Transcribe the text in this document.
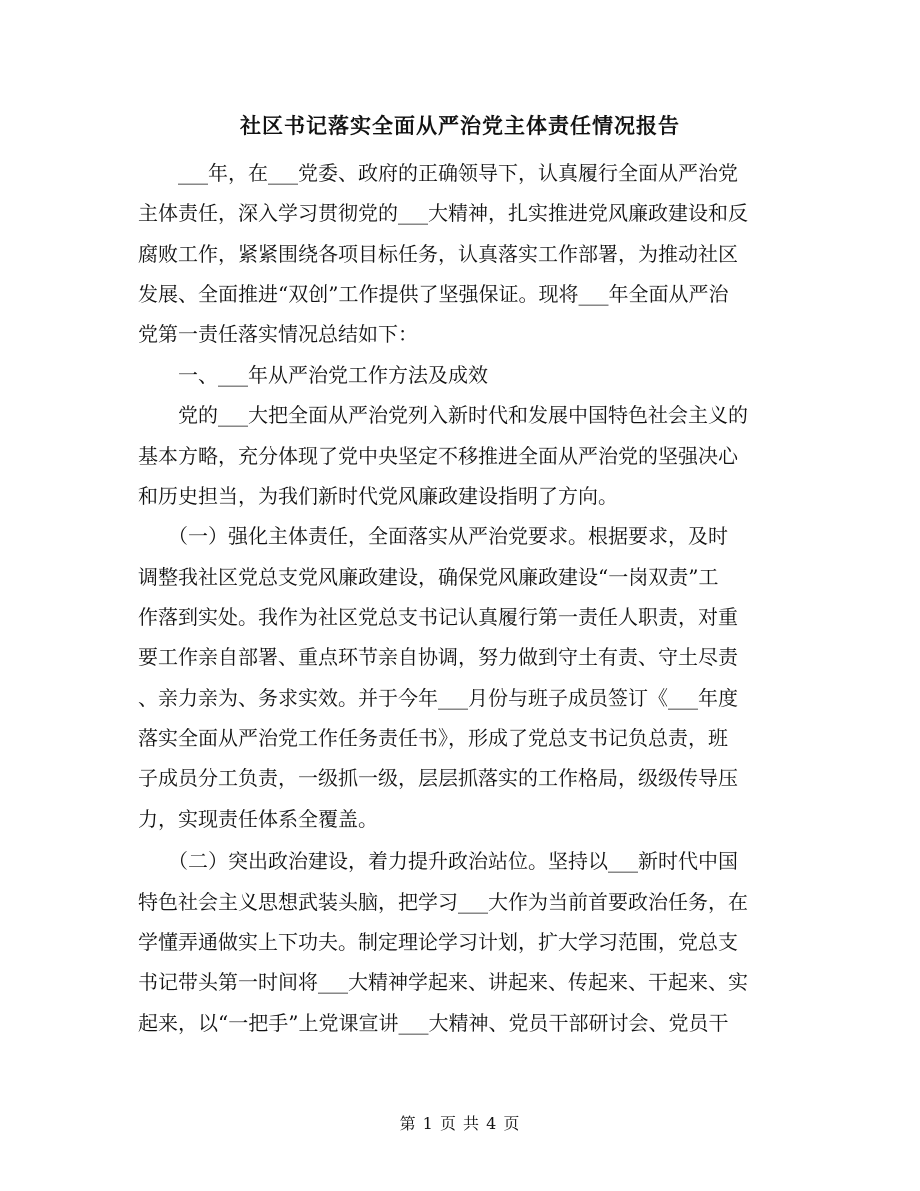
社区书记落实全面从严治党主体责任情况报告
　　___年，在___党委、政府的正确领导下，认真履行全面从严治党
主体责任，深入学习贯彻党的___大精神，扎实推进党风廉政建设和反
腐败工作，紧紧围绕各项目标任务，认真落实工作部署，为推动社区
发展、全面推进“双创”工作提供了坚强保证。现将___年全面从严治
党第一责任落实情况总结如下：
　　一、___年从严治党工作方法及成效
　　党的___大把全面从严治党列入新时代和发展中国特色社会主义的
基本方略，充分体现了党中央坚定不移推进全面从严治党的坚强决心
和历史担当，为我们新时代党风廉政建设指明了方向。
　　（一）强化主体责任，全面落实从严治党要求。根据要求，及时
调整我社区党总支党风廉政建设，确保党风廉政建设“一岗双责”工
作落到实处。我作为社区党总支书记认真履行第一责任人职责，对重
要工作亲自部署、重点环节亲自协调，努力做到守土有责、守土尽责
、亲力亲为、务求实效。并于今年___月份与班子成员签订《___年度
落实全面从严治党工作任务责任书》，形成了党总支书记负总责，班
子成员分工负责，一级抓一级，层层抓落实的工作格局，级级传导压
力，实现责任体系全覆盖。
　　（二）突出政治建设，着力提升政治站位。坚持以___新时代中国
特色社会主义思想武装头脑，把学习___大作为当前首要政治任务，在
学懂弄通做实上下功夫。制定理论学习计划，扩大学习范围，党总支
书记带头第一时间将___大精神学起来、讲起来、传起来、干起来、实
起来，以“一把手”上党课宣讲___大精神、党员干部研讨会、党员干
第 1 页 共 4 页
